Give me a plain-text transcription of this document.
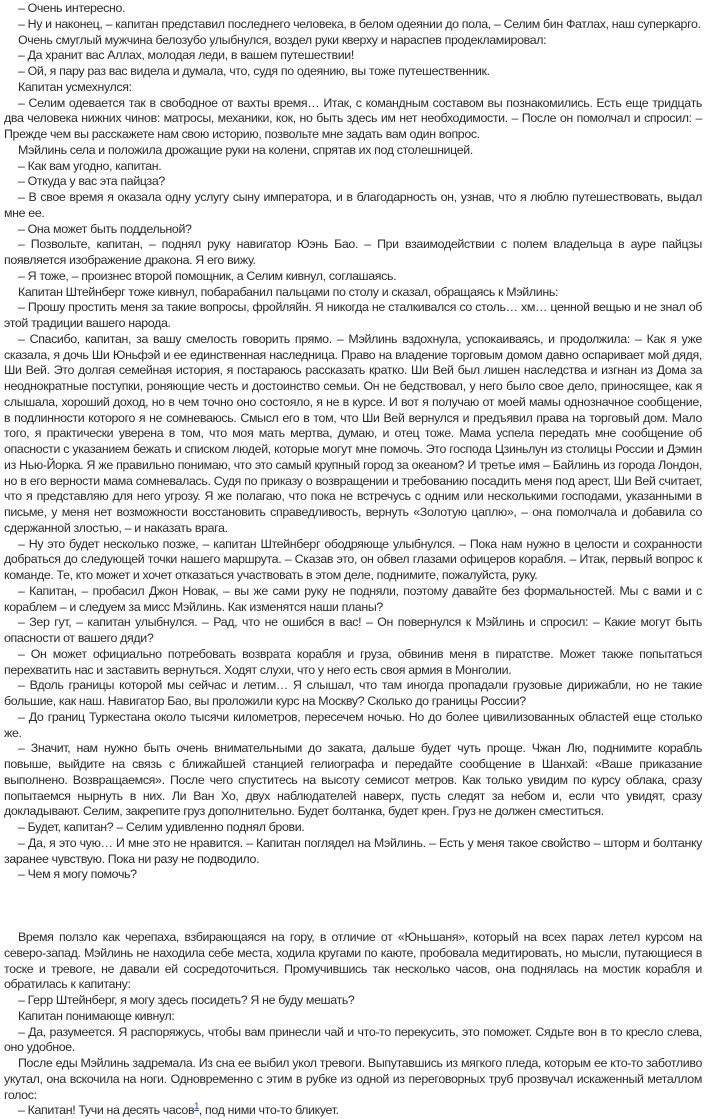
– Очень интересно.

– Ну и наконец, – капитан представил последнего человека, в белом одеянии до пола, – Селим бин Фатлах, наш суперкарго.

Очень смуглый мужчина белозубо улыбнулся, воздел руки кверху и нараспев продекламировал:

– Да хранит вас Аллах, молодая леди, в вашем путешествии!

– Ой, я пару раз вас видела и думала, что, судя по одеянию, вы тоже путешественник.

Капитан усмехнулся:

– Селим одевается так в свободное от вахты время… Итак, с командным составом вы познакомились. Есть еще тридцать два человека нижних чинов: матросы, механики, кок, но быть здесь им нет необходимости. – После он помолчал и спросил: – Прежде чем вы расскажете нам свою историю, позвольте мне задать вам один вопрос.

Мэйлинь села и положила дрожащие руки на колени, спрятав их под столешницей.

– Как вам угодно, капитан.

– Откуда у вас эта пайцза?

– В свое время я оказала одну услугу сыну императора, и в благодарность он, узнав, что я люблю путешествовать, выдал мне ее.

– Она может быть поддельной?

– Позвольте, капитан, – поднял руку навигатор Юэнь Бао. – При взаимодействии с полем владельца в ауре пайцзы появляется изображение дракона. Я его вижу.

– Я тоже, – произнес второй помощник, а Селим кивнул, соглашаясь.

Капитан Штейнберг тоже кивнул, побарабанил пальцами по столу и сказал, обращаясь к Мэйлинь:

– Прошу простить меня за такие вопросы, фройляйн. Я никогда не сталкивался со столь… хм… ценной вещью и не знал об этой традиции вашего народа.

– Спасибо, капитан, за вашу смелость говорить прямо. – Мэйлинь вздохнула, успокаиваясь, и продолжила: – Как я уже сказала, я дочь Ши Юньфэй и ее единственная наследница. Право на владение торговым домом давно оспаривает мой дядя, Ши Вей. Это долгая семейная история, я постараюсь рассказать кратко. Ши Вей был лишен наследства и изгнан из Дома за неоднократные поступки, роняющие честь и достоинство семьи. Он не бедствовал, у него было свое дело, приносящее, как я слышала, хороший доход, но в чем точно оно состояло, я не в курсе. И вот я получаю от моей мамы однозначное сообщение, в подлинности которого я не сомневаюсь. Смысл его в том, что Ши Вей вернулся и предъявил права на торговый дом. Мало того, я практически уверена в том, что моя мать мертва, думаю, и отец тоже. Мама успела передать мне сообщение об опасности с указанием бежать и списком людей, которые могут мне помочь. Это господа Цзиньлун из столицы России и Дэмин из Нью-Йорка. Я же правильно понимаю, что это самый крупный город за океаном? И третье имя – Байлинь из города Лондон, но в его верности мама сомневалась. Судя по приказу о возвращении и требованию посадить меня под арест, Ши Вей считает, что я представляю для него угрозу. Я же полагаю, что пока не встречусь с одним или несколькими господами, указанными в письме, у меня нет возможности восстановить справедливость, вернуть «Золотую цаплю», – она помолчала и добавила со сдержанной злостью, – и наказать врага.

– Ну это будет несколько позже, – капитан Штейнберг ободряюще улыбнулся. – Пока нам нужно в целости и сохранности добраться до следующей точки нашего маршрута. – Сказав это, он обвел глазами офицеров корабля. – Итак, первый вопрос к команде. Те, кто может и хочет отказаться участвовать в этом деле, поднимите, пожалуйста, руку.

– Капитан, – пробасил Джон Новак, – вы же сами руку не подняли, поэтому давайте без формальностей. Мы с вами и с кораблем – и следуем за мисс Мэйлинь. Как изменятся наши планы?

– Зер гут, – капитан улыбнулся. – Рад, что не ошибся в вас! – Он повернулся к Мэйлинь и спросил: – Какие могут быть опасности от вашего дяди?

– Он может официально потребовать возврата корабля и груза, обвинив меня в пиратстве. Может также попытаться перехватить нас и заставить вернуться. Ходят слухи, что у него есть своя армия в Монголии.

– Вдоль границы которой мы сейчас и летим… Я слышал, что там иногда пропадали грузовые дирижабли, но не такие большие, как наш. Навигатор Бао, вы проложили курс на Москву? Сколько до границы России?

– До границ Туркестана около тысячи километров, пересечем ночью. Но до более цивилизованных областей еще столько же.

– Значит, нам нужно быть очень внимательными до заката, дальше будет чуть проще. Чжан Лю, поднимите корабль повыше, выйдите на связь с ближайшей станцией гелиографа и передайте сообщение в Шанхай: «Ваше приказание выполнено. Возвращаемся». После чего спуститесь на высоту семисот метров. Как только увидим по курсу облака, сразу попытаемся нырнуть в них. Ли Ван Хо, двух наблюдателей наверх, пусть следят за небом и, если что увидят, сразу докладывают. Селим, закрепите груз дополнительно. Будет болтанка, будет крен. Груз не должен сместиться.

– Будет, капитан? – Селим удивленно поднял брови.

– Да, я это чую… И мне это не нравится. – Капитан поглядел на Мэйлинь. – Есть у меня такое свойство – шторм и болтанку заранее чувствую. Пока ни разу не подводило.

– Чем я могу помочь?

Время ползло как черепаха, взбирающаяся на гору, в отличие от «Юньшаня», который на всех парах летел курсом на северо-запад. Мэйлинь не находила себе места, ходила кругами по каюте, пробовала медитировать, но мысли, путающиеся в тоске и тревоге, не давали ей сосредоточиться. Промучившись так несколько часов, она поднялась на мостик корабля и обратилась к капитану:

– Герр Штейнберг, я могу здесь посидеть? Я не буду мешать?

Капитан понимающе кивнул:

– Да, разумеется. Я распоряжусь, чтобы вам принесли чай и что-то перекусить, это поможет. Сядьте вон в то кресло слева, оно удобное.

После еды Мэйлинь задремала. Из сна ее выбил укол тревоги. Выпутавшись из мягкого пледа, которым ее кто-то заботливо укутал, она вскочила на ноги. Одновременно с этим в рубке из одной из переговорных труб прозвучал искаженный металлом голос:

– Капитан! Тучи на десять часов$^1$, под ними что-то бликует.
